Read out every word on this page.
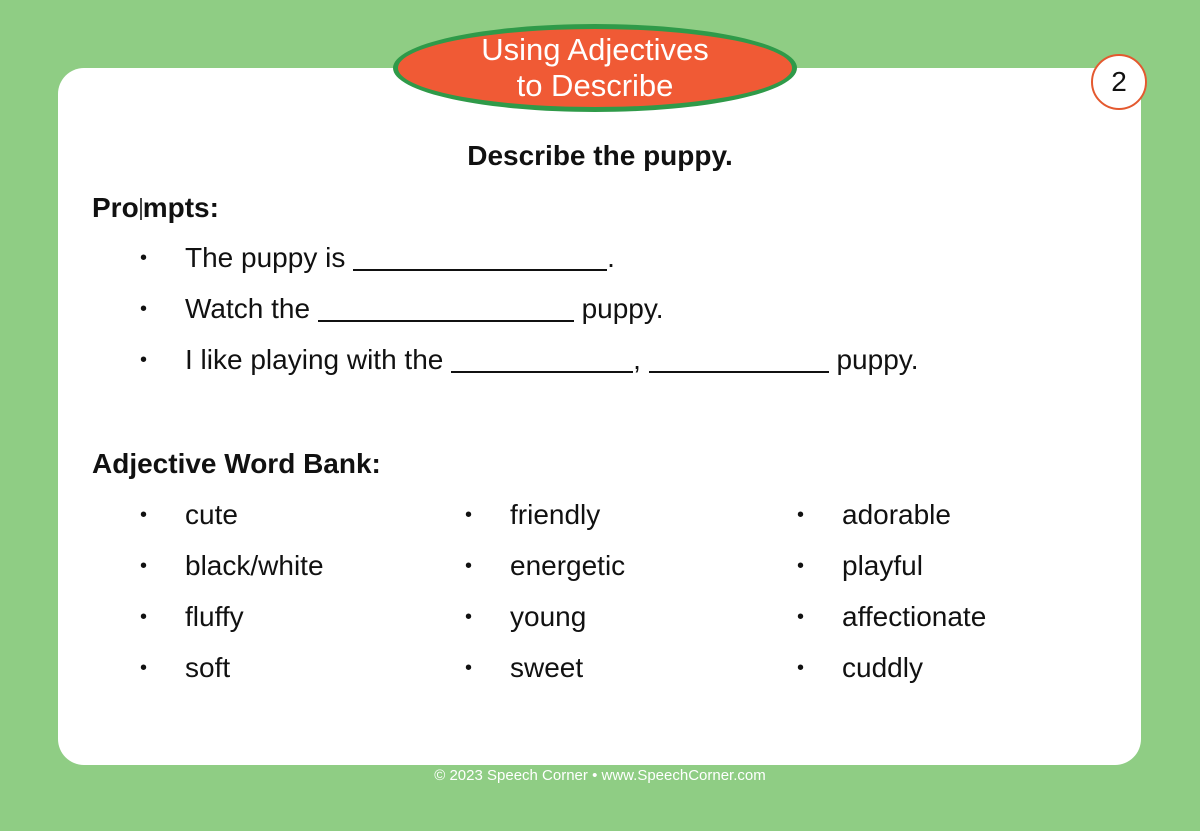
Using Adjectives
to Describe	2
Describe the puppy.
Pro mpts:
• The puppy is	.
• Watch the	puppy.
• I like playing with the	,	puppy.
Adjective Word Bank:
• cute
• black/white
• fluffy
• soft
• friendly
• energetic
• young
• sweet
• adorable
• playful
• affectionate
• cuddly
© 2023 Speech Corner • www.SpeechCorner.com
